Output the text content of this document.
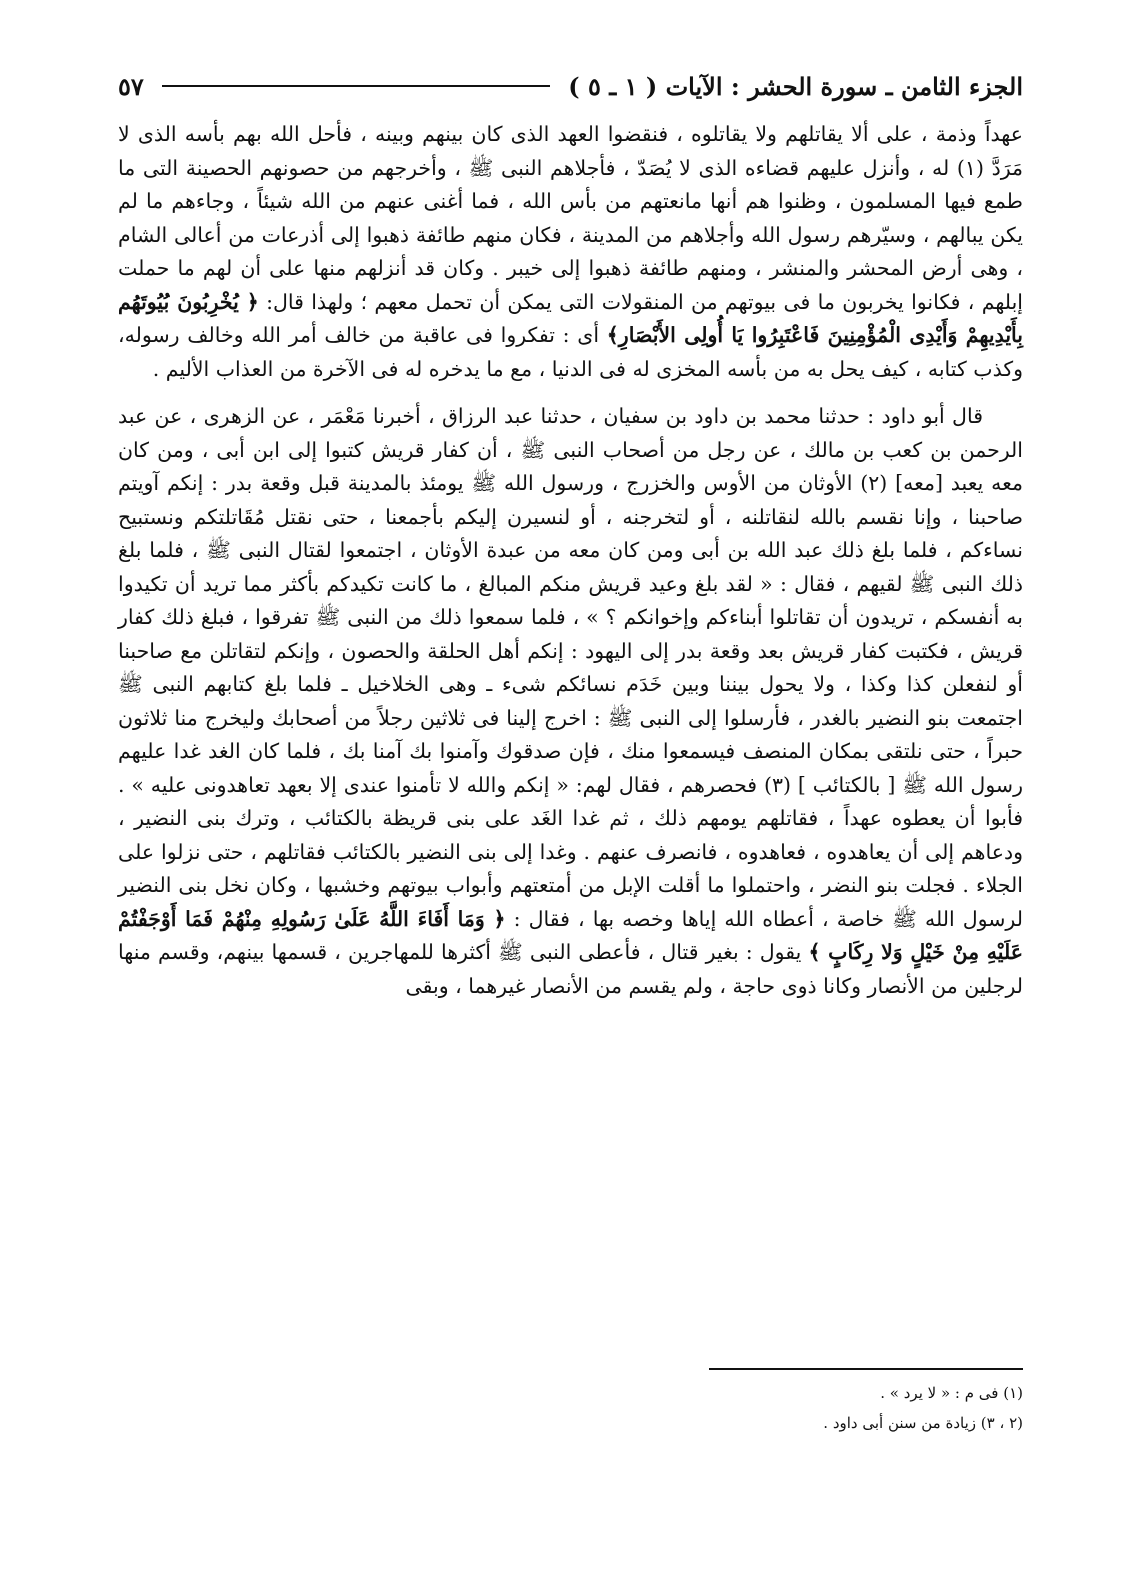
الجزء الثامن ـ سورة الحشر : الآيات ( ١ ـ ٥ )
٥٧

عهداً وذمة ، على ألا يقاتلهم ولا يقاتلوه ، فنقضوا العهد الذى كان بينهم وبينه ، فأحل الله بهم بأسه الذى لا مَرَدَّ (١) له ، وأنزل عليهم قضاءه الذى لا يُصَدّ ، فأجلاهم النبى ﷺ ، وأخرجهم من حصونهم الحصينة التى ما طمع فيها المسلمون ، وظنوا هم أنها مانعتهم من بأس الله ، فما أغنى عنهم من الله شيئاً ، وجاءهم ما لم يكن يبالهم ، وسيّرهم رسول الله وأجلاهم من المدينة ، فكان منهم طائفة ذهبوا إلى أذرعات من أعالى الشام ، وهى أرض المحشر والمنشر ، ومنهم طائفة ذهبوا إلى خيبر . وكان قد أنزلهم منها على أن لهم ما حملت إبلهم ، فكانوا يخربون ما فى بيوتهم من المنقولات التى يمكن أن تحمل معهم ؛ ولهذا قال: ﴿ يُخْرِبُونَ بُيُوتَهُم بِأَيْدِيهِمْ وَأَيْدِى الْمُؤْمِنِينَ فَاعْتَبِرُوا يَا أُولِى الأَبْصَارِ﴾ أى : تفكروا فى عاقبة من خالف أمر الله وخالف رسوله، وكذب كتابه ، كيف يحل به من بأسه المخزى له فى الدنيا ، مع ما يدخره له فى الآخرة من العذاب الأليم .

قال أبو داود : حدثنا محمد بن داود بن سفيان ، حدثنا عبد الرزاق ، أخبرنا مَعْمَر ، عن الزهرى ، عن عبد الرحمن بن كعب بن مالك ، عن رجل من أصحاب النبى ﷺ ، أن كفار قريش كتبوا إلى ابن أبى ، ومن كان معه يعبد [معه] (٢) الأوثان من الأوس والخزرج ، ورسول الله ﷺ يومئذ بالمدينة قبل وقعة بدر : إنكم آويتم صاحبنا ، وإنا نقسم بالله لنقاتلنه ، أو لتخرجنه ، أو لنسيرن إليكم بأجمعنا ، حتى نقتل مُقَاتلتكم ونستبيح نساءكم ، فلما بلغ ذلك عبد الله بن أبى ومن كان معه من عبدة الأوثان ، اجتمعوا لقتال النبى ﷺ ، فلما بلغ ذلك النبى ﷺ لقيهم ، فقال : « لقد بلغ وعيد قريش منكم المبالغ ، ما كانت تكيدكم بأكثر مما تريد أن تكيدوا به أنفسكم ، تريدون أن تقاتلوا أبناءكم وإخوانكم ؟ » ، فلما سمعوا ذلك من النبى ﷺ تفرقوا ، فبلغ ذلك كفار قريش ، فكتبت كفار قريش بعد وقعة بدر إلى اليهود : إنكم أهل الحلقة والحصون ، وإنكم لتقاتلن مع صاحبنا أو لنفعلن كذا وكذا ، ولا يحول بيننا وبين خَدَم نسائكم شىء ـ وهى الخلاخيل ـ فلما بلغ كتابهم النبى ﷺ اجتمعت بنو النضير بالغدر ، فأرسلوا إلى النبى ﷺ : اخرج إلينا فى ثلاثين رجلاً من أصحابك وليخرج منا ثلاثون حبراً ، حتى نلتقى بمكان المنصف فيسمعوا منك ، فإن صدقوك وآمنوا بك آمنا بك ، فلما كان الغد غدا عليهم رسول الله ﷺ [ بالكتائب ] (٣) فحصرهم ، فقال لهم: « إنكم والله لا تأمنوا عندى إلا بعهد تعاهدونى عليه » . فأبوا أن يعطوه عهداً ، فقاتلهم يومهم ذلك ، ثم غدا الغَد على بنى قريظة بالكتائب ، وترك بنى النضير ، ودعاهم إلى أن يعاهدوه ، فعاهدوه ، فانصرف عنهم . وغدا إلى بنى النضير بالكتائب فقاتلهم ، حتى نزلوا على الجلاء . فجلت بنو النضر ، واحتملوا ما أقلت الإبل من أمتعتهم وأبواب بيوتهم وخشبها ، وكان نخل بنى النضير لرسول الله ﷺ خاصة ، أعطاه الله إياها وخصه بها ، فقال : ﴿ وَمَا أَفَاءَ اللَّهُ عَلَىٰ رَسُولِهِ مِنْهُمْ فَمَا أَوْجَفْتُمْ عَلَيْهِ مِنْ خَيْلٍ وَلا رِكَابٍ ﴾ يقول : بغير قتال ، فأعطى النبى ﷺ أكثرها للمهاجرين ، قسمها بينهم، وقسم منها لرجلين من الأنصار وكانا ذوى حاجة ، ولم يقسم من الأنصار غيرهما ، وبقى

(١) فى م : « لا يرد » .
(٢ ، ٣) زيادة من سنن أبى داود .
